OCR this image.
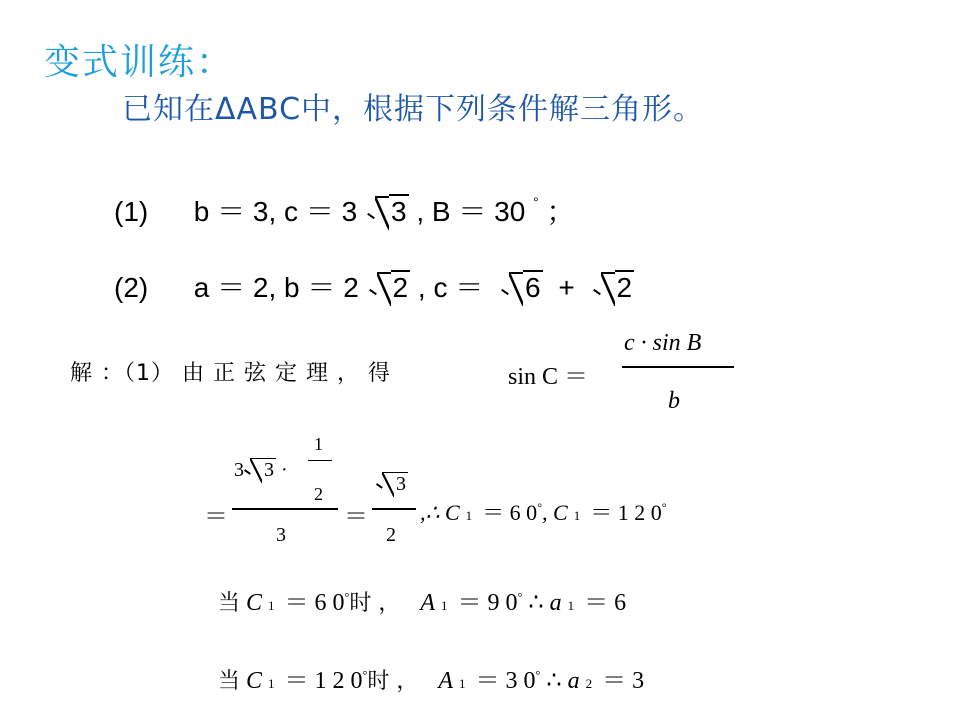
变式训练：
已知在ΔABC中，根据下列条件解三角形。
(1) b ＝ 3, c ＝ 3 3 , B ＝ 30 ° ；
(2) a ＝ 2, b ＝ 2 2 , c ＝ 6 + 2
解 ：（1） 由 正 弦 定 理 ， 得	sin C ＝
c · sin B
b
＝
3 3 ·
1
2
3
＝
3
2
,∴ C 1 ＝ 6 0°, C 1 ＝ 1 2 0°
当 C 1 ＝ 6 0°时 ， A 1 ＝ 9 0° ∴ a 1 ＝ 6
当 C 1 ＝ 1 2 0°时 ， A 1 ＝ 3 0° ∴ a 2 ＝ 3
